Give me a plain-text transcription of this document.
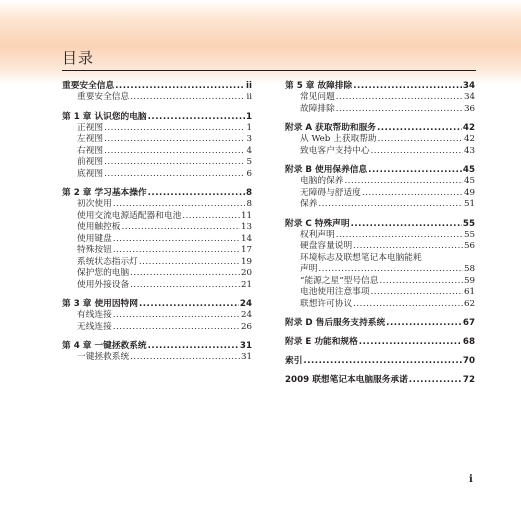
目录
重要安全信息 .....	ii
重要安全信息 .....	ii
第 1 章 认识您的电脑 .....	1
正视图 .....	1
左视图 .....	3
右视图 .....	4
前视图 .....	5
底视图 .....	6
第 2 章 学习基本操作 .....	8
初次使用 .....	8
使用交流电源适配器和电池 .....	11
使用触控板 .....	13
使用键盘 .....	14
特殊按钮 .....	17
系统状态指示灯 .....	19
保护您的电脑 .....	20
使用外接设备 .....	21
第 3 章 使用因特网 .....	24
有线连接 .....	24
无线连接 .....	26
第 4 章 一键拯救系统 .....	31
一键拯救系统 .....	31
第 5 章 故障排除 .....	34
常见问题 .....	34
故障排除 .....	36
附录 A 获取帮助和服务 .....	42
从 Web 上获取帮助 .....	42
致电客户支持中心 .....	43
附录 B 使用保养信息 .....	45
电脑的保养 .....	45
无障碍与舒适度 .....	49
保养 .....	51
附录 C 特殊声明 .....	55
权利声明 .....	55
硬盘容量说明 .....	56
环境标志及联想笔记本电脑能耗
声明 .....	58
“能源之星”型号信息 .....	59
电池使用注意事项 .....	61
联想许可协议 .....	62
附录 D 售后服务支持系统 .....	67
附录 E 功能和规格 .....	68
索引 .....	70
2009 联想笔记本电脑服务承诺 .....	72
i
